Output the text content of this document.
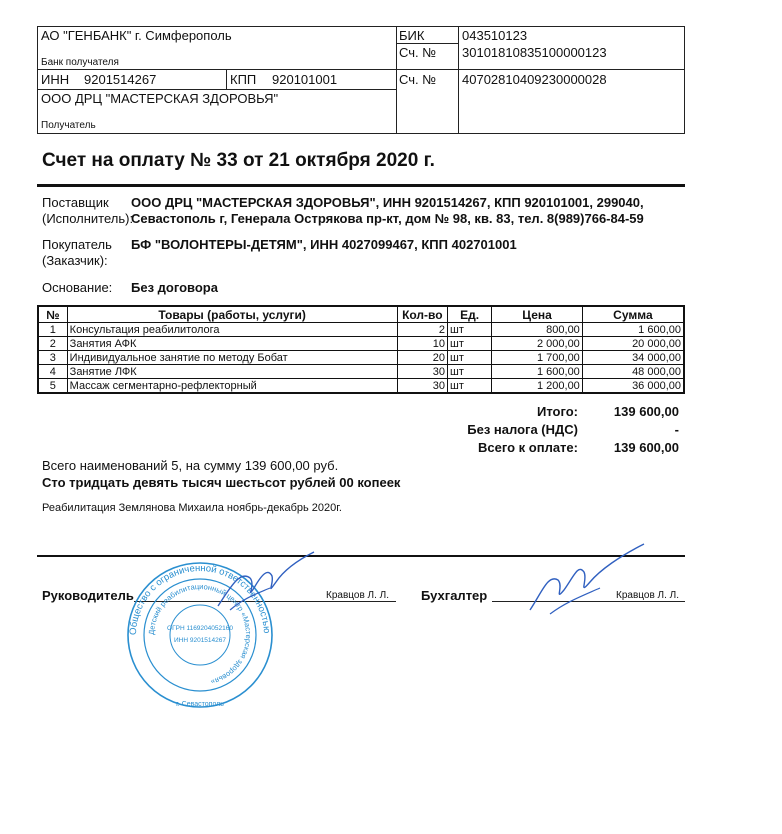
АО "ГЕНБАНК" г. Симферополь
Банк получателя
БИК	043510123
Сч. № 30101810835100000123
ИНН 9201514267	КПП 920101001	Сч. № 40702810409230000028
ООО ДРЦ "МАСТЕРСКАЯ ЗДОРОВЬЯ"
Получатель
Счет на оплату № 33 от 21 октября 2020 г.
Поставщик
(Исполнитель):
ООО ДРЦ "МАСТЕРСКАЯ ЗДОРОВЬЯ", ИНН 9201514267, КПП 920101001, 299040,
Севастополь г, Генерала Острякова пр-кт, дом № 98, кв. 83, тел. 8(989)766-84-59
Покупатель
(Заказчик):
БФ "ВОЛОНТЕРЫ-ДЕТЯМ", ИНН 4027099467, КПП 402701001
Основание: Без договора
№	Товары (работы, услуги)	Кол-во	Ед.	Цена	Сумма
1	Консультация реабилитолога	2	шт	800,00	1 600,00
2	Занятия АФК	10	шт	2 000,00	20 000,00
3	Индивидуальное занятие по методу Бобат	20	шт	1 700,00	34 000,00
4	Занятие ЛФК	30	шт	1 600,00	48 000,00
5	Массаж сегментарно-рефлекторный	30	шт	1 200,00	36 000,00
Итого:	139 600,00
Без налога (НДС)	-
Всего к оплате:	139 600,00
Всего наименований 5, на сумму 139 600,00 руб.
Сто тридцать девять тысяч шестьсот рублей 00 копеек
Реабилитация Землянова Михаила ноябрь-декабрь 2020г.
Руководитель	Кравцов Л. Л. Бухгалтер	Кравцов Л. Л.
Общество с ограниченной ответственностью
Детский реабилитационный центр «Мастерская здоровья»
ОГРН 1169204052160
ИНН 9201514267
г. Севастополь
